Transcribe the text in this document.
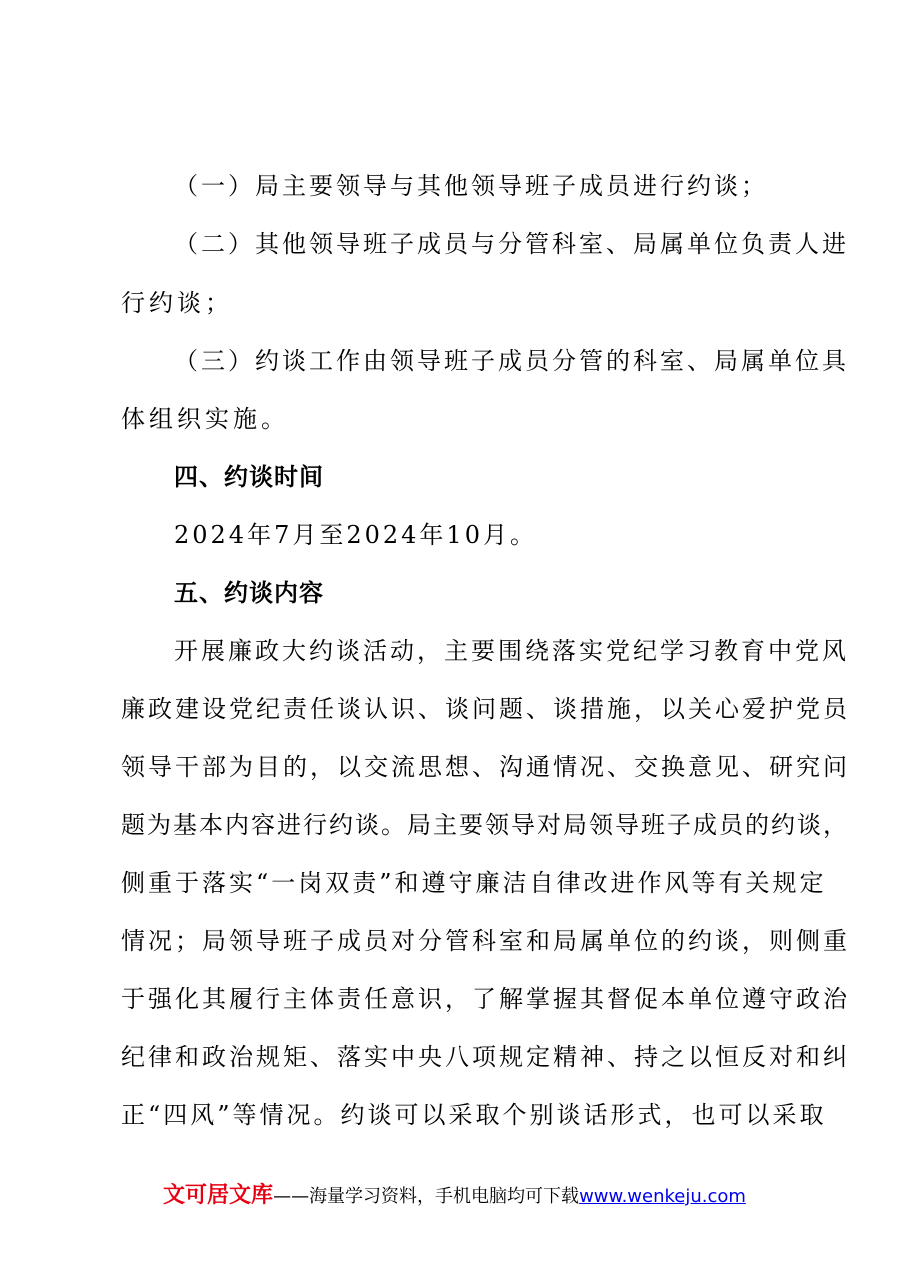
（一）局主要领导与其他领导班子成员进行约谈；
（二）其他领导班子成员与分管科室、局属单位负责人进
行约谈；
（三）约谈工作由领导班子成员分管的科室、局属单位具
体组织实施。
四、约谈时间
2024年7月至2024年10月。
五、约谈内容
开展廉政大约谈活动，主要围绕落实党纪学习教育中党风
廉政建设党纪责任谈认识、谈问题、谈措施，以关心爱护党员
领导干部为目的，以交流思想、沟通情况、交换意见、研究问
题为基本内容进行约谈。局主要领导对局领导班子成员的约谈，
侧重于落实“一岗双责”和遵守廉洁自律改进作风等有关规定
情况；局领导班子成员对分管科室和局属单位的约谈，则侧重
于强化其履行主体责任意识，了解掌握其督促本单位遵守政治
纪律和政治规矩、落实中央八项规定精神、持之以恒反对和纠
正“四风”等情况。约谈可以采取个别谈话形式，也可以采取
文可居文库——海量学习资料，手机电脑均可下载www.wenkeju.com
